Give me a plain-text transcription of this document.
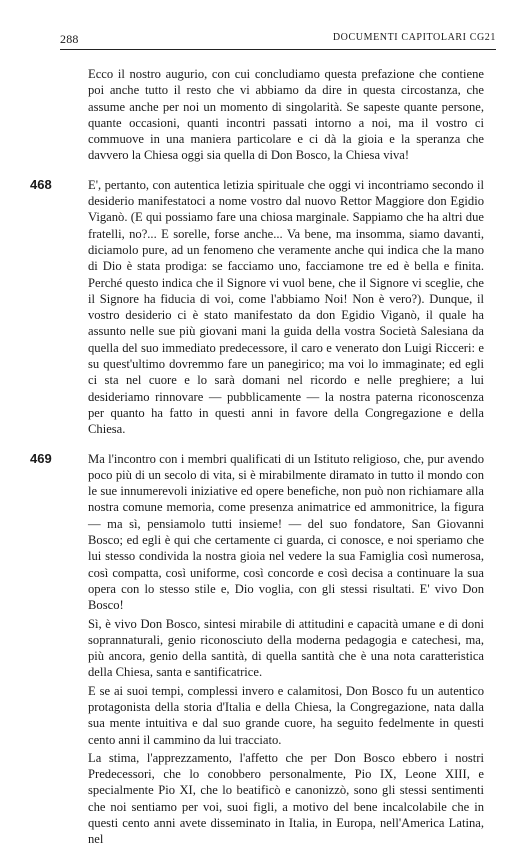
288	DOCUMENTI CAPITOLARI CG21

Ecco il nostro augurio, con cui concludiamo questa prefazione che contiene poi anche tutto il resto che vi abbiamo da dire in questa circostanza, che assume anche per noi un momento di singolarità. Se sapeste quante persone, quante occasioni, quanti incontri passati intorno a noi, ma il vostro ci commuove in una maniera particolare e ci dà la gioia e la speranza che davvero la Chiesa oggi sia quella di Don Bosco, la Chiesa viva!

468	E', pertanto, con autentica letizia spirituale che oggi vi incontriamo secondo il desiderio manifestatoci a nome vostro dal nuovo Rettor Maggiore don Egidio Viganò. (E qui possiamo fare una chiosa marginale. Sappiamo che ha altri due fratelli, no?... E sorelle, forse anche... Va bene, ma insomma, siamo davanti, diciamolo pure, ad un fenomeno che veramente anche qui indica che la mano di Dio è stata prodiga: se facciamo uno, facciamone tre ed è bella e finita. Perché questo indica che il Signore vi vuol bene, che il Signore vi sceglie, che il Signore ha fiducia di voi, come l'abbiamo Noi! Non è vero?). Dunque, il vostro desiderio ci è stato manifestato da don Egidio Viganò, il quale ha assunto nelle sue più giovani mani la guida della vostra Società Salesiana da quella del suo immediato predecessore, il caro e venerato don Luigi Ricceri: e su quest'ultimo dovremmo fare un panegirico; ma voi lo immaginate; ed egli ci sta nel cuore e lo sarà domani nel ricordo e nelle preghiere; a lui desideriamo rinnovare — pubblicamente — la nostra paterna riconoscenza per quanto ha fatto in questi anni in favore della Congregazione e della Chiesa.

469	Ma l'incontro con i membri qualificati di un Istituto religioso, che, pur avendo poco più di un secolo di vita, si è mirabilmente diramato in tutto il mondo con le sue innumerevoli iniziative ed opere benefiche, non può non richiamare alla nostra comune memoria, come presenza animatrice ed ammonitrice, la figura — ma sì, pensiamolo tutti insieme! — del suo fondatore, San Giovanni Bosco; ed egli è qui che certamente ci guarda, ci conosce, e noi speriamo che lui stesso condivida la nostra gioia nel vedere la sua Famiglia così numerosa, così compatta, così uniforme, così concorde e così decisa a continuare la sua opera con lo stesso stile e, Dio voglia, con gli stessi risultati. E' vivo Don Bosco!

Sì, è vivo Don Bosco, sintesi mirabile di attitudini e capacità umane e di doni soprannaturali, genio riconosciuto della moderna pedagogia e catechesi, ma, più ancora, genio della santità, di quella santità che è una nota caratteristica della Chiesa, santa e santificatrice.

E se ai suoi tempi, complessi invero e calamitosi, Don Bosco fu un autentico protagonista della storia d'Italia e della Chiesa, la Congregazione, nata dalla sua mente intuitiva e dal suo grande cuore, ha seguito fedelmente in questi cento anni il cammino da lui tracciato.

La stima, l'apprezzamento, l'affetto che per Don Bosco ebbero i nostri Predecessori, che lo conobbero personalmente, Pio IX, Leone XIII, e specialmente Pio XI, che lo beatificò e canonizzò, sono gli stessi sentimenti che noi sentiamo per voi, suoi figli, a motivo del bene incalcolabile che in questi cento anni avete disseminato in Italia, in Europa, nell'America Latina, nel
